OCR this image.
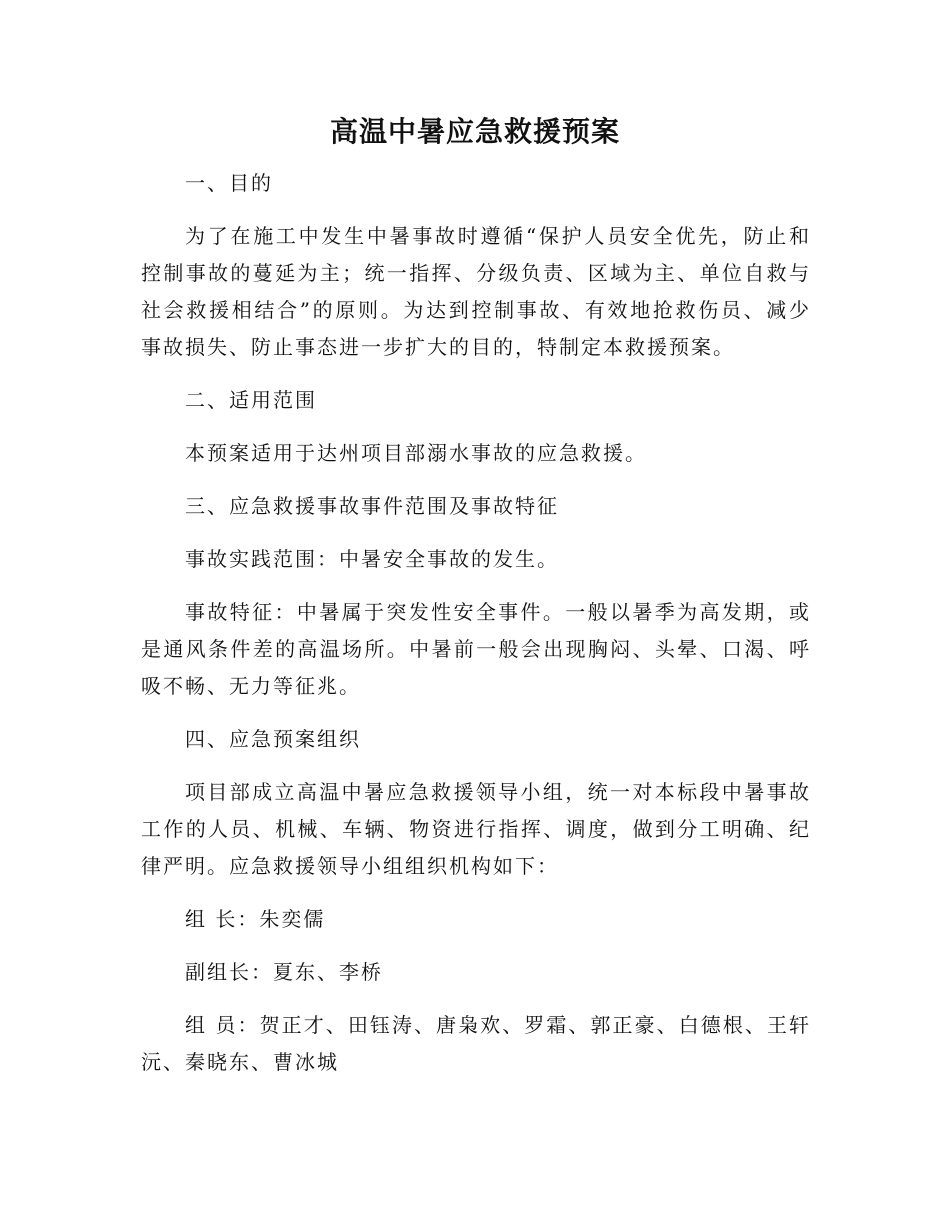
高温中暑应急救援预案

一、目的

为了在施工中发生中暑事故时遵循“保护人员安全优先，防止和控制事故的蔓延为主；统一指挥、分级负责、区域为主、单位自救与社会救援相结合”的原则。为达到控制事故、有效地抢救伤员、减少事故损失、防止事态进一步扩大的目的，特制定本救援预案。

二、适用范围

本预案适用于达州项目部溺水事故的应急救援。

三、应急救援事故事件范围及事故特征

事故实践范围：中暑安全事故的发生。

事故特征：中暑属于突发性安全事件。一般以暑季为高发期，或是通风条件差的高温场所。中暑前一般会出现胸闷、头晕、口渴、呼吸不畅、无力等征兆。

四、应急预案组织

项目部成立高温中暑应急救援领导小组，统一对本标段中暑事故工作的人员、机械、车辆、物资进行指挥、调度，做到分工明确、纪律严明。应急救援领导小组组织机构如下：

组 长：朱奕儒

副组长：夏东、李桥

组 员：贺正才、田钰涛、唐枭欢、罗霜、郭正豪、白德根、王轩沅、秦晓东、曹冰城
